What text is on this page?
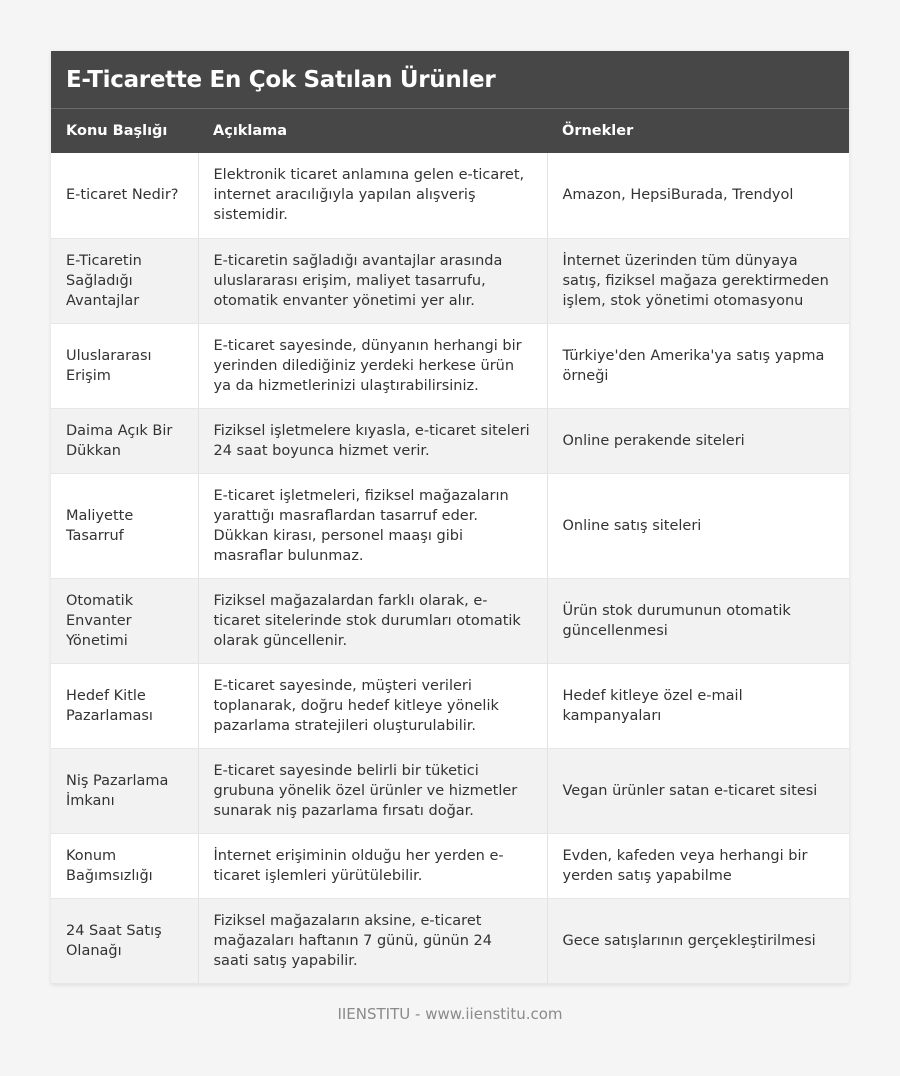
E-Ticarette En Çok Satılan Ürünler
Konu Başlığı	Açıklama	Örnekler
E-ticaret Nedir?	Elektronik ticaret anlamına gelen e-ticaret, internet aracılığıyla yapılan alışveriş sistemidir.	Amazon, HepsiBurada, Trendyol
E-Ticaretin Sağladığı Avantajlar	E-ticaretin sağladığı avantajlar arasında uluslararası erişim, maliyet tasarrufu, otomatik envanter yönetimi yer alır.	İnternet üzerinden tüm dünyaya satış, fiziksel mağaza gerektirmeden işlem, stok yönetimi otomasyonu
Uluslararası Erişim	E-ticaret sayesinde, dünyanın herhangi bir yerinden dilediğiniz yerdeki herkese ürün ya da hizmetlerinizi ulaştırabilirsiniz.	Türkiye'den Amerika'ya satış yapma örneği
Daima Açık Bir Dükkan	Fiziksel işletmelere kıyasla, e-ticaret siteleri 24 saat boyunca hizmet verir.	Online perakende siteleri
Maliyette Tasarruf	E-ticaret işletmeleri, fiziksel mağazaların yarattığı masraflardan tasarruf eder. Dükkan kirası, personel maaşı gibi masraflar bulunmaz.	Online satış siteleri
Otomatik Envanter Yönetimi	Fiziksel mağazalardan farklı olarak, e-ticaret sitelerinde stok durumları otomatik olarak güncellenir.	Ürün stok durumunun otomatik güncellenmesi
Hedef Kitle Pazarlaması	E-ticaret sayesinde, müşteri verileri toplanarak, doğru hedef kitleye yönelik pazarlama stratejileri oluşturulabilir.	Hedef kitleye özel e-mail kampanyaları
Niş Pazarlama İmkanı	E-ticaret sayesinde belirli bir tüketici grubuna yönelik özel ürünler ve hizmetler sunarak niş pazarlama fırsatı doğar.	Vegan ürünler satan e-ticaret sitesi
Konum Bağımsızlığı	İnternet erişiminin olduğu her yerden e-ticaret işlemleri yürütülebilir.	Evden, kafeden veya herhangi bir yerden satış yapabilme
24 Saat Satış Olanağı	Fiziksel mağazaların aksine, e-ticaret mağazaları haftanın 7 günü, günün 24 saati satış yapabilir.	Gece satışlarının gerçekleştirilmesi
IIENSTITU - www.iienstitu.com
